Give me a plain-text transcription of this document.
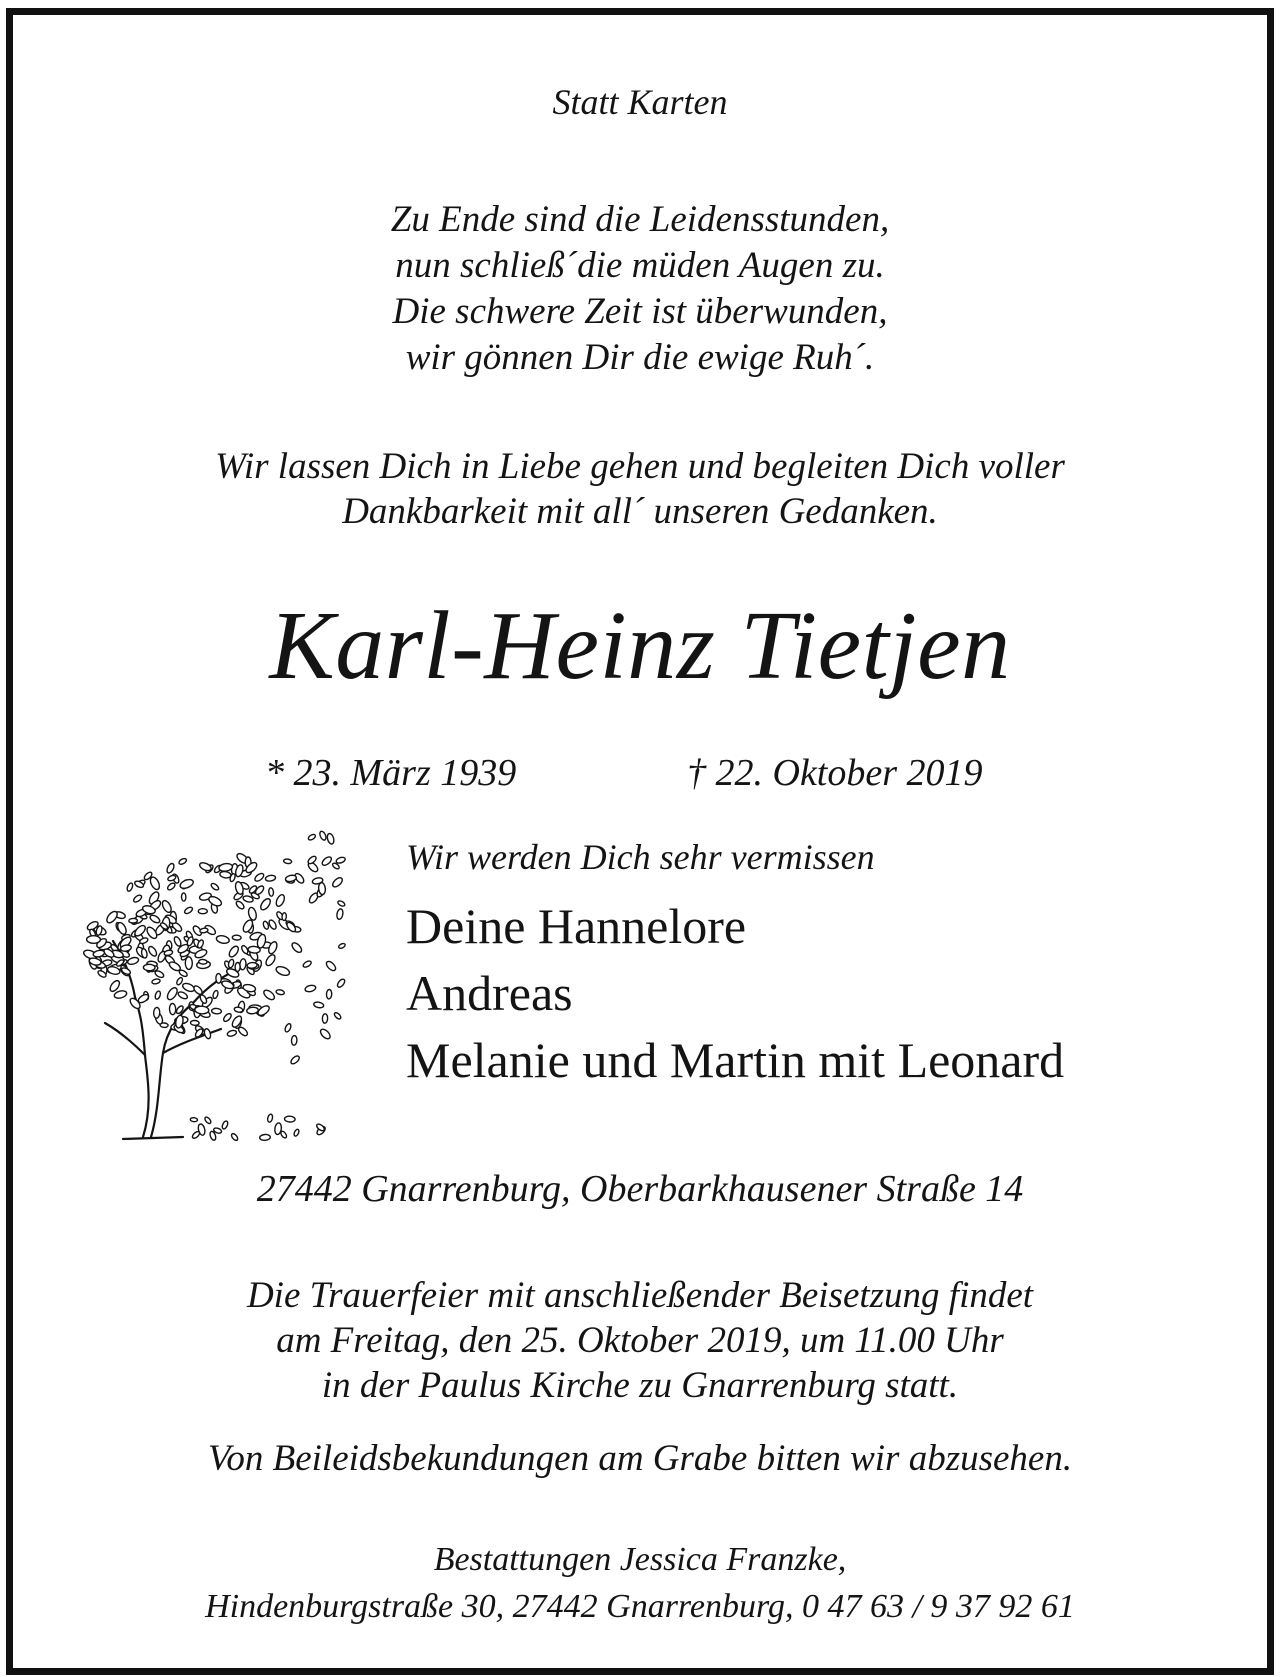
Statt Karten
Zu Ende sind die Leidensstunden,
nun schließ´die müden Augen zu.
Die schwere Zeit ist überwunden,
wir gönnen Dir die ewige Ruh´.
Wir lassen Dich in Liebe gehen und begleiten Dich voller
Dankbarkeit mit all´ unseren Gedanken.
Karl-Heinz Tietjen
* 23. März 1939	† 22. Oktober 2019
Wir werden Dich sehr vermissen
Deine Hannelore
Andreas
Melanie und Martin mit Leonard
27442 Gnarrenburg, Oberbarkhausener Straße 14
Die Trauerfeier mit anschließender Beisetzung findet
am Freitag, den 25. Oktober 2019, um 11.00 Uhr
in der Paulus Kirche zu Gnarrenburg statt.
Von Beileidsbekundungen am Grabe bitten wir abzusehen.
Bestattungen Jessica Franzke,
Hindenburgstraße 30, 27442 Gnarrenburg, 0 47 63 / 9 37 92 61
